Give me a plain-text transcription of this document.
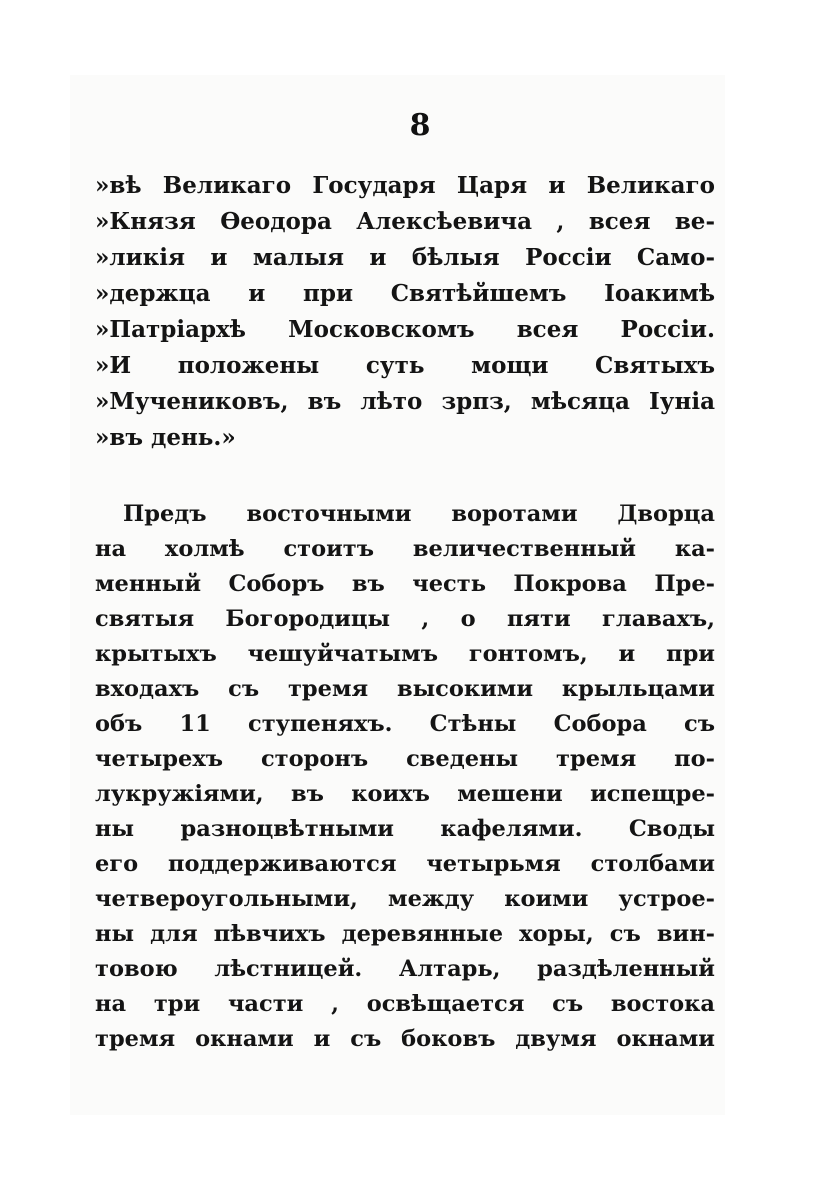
8
»вѣ Великаго Государя Царя и Великаго
»Князя Ѳеодора Алексѣевича , всея ве-
»ликія и малыя и бѣлыя Россіи Само-
»держца и при Святѣйшемъ Іоакимѣ
»Патріархѣ Московскомъ всея Россіи.
»И положены суть мощи Святыхъ
»Мучениковъ, въ лѣто зрпз, мѣсяца Іуніа
»въ день.»
Предъ восточными воротами Дворца
на холмѣ стоитъ величественный ка-
менный Соборъ въ честь Покрова Пре-
святыя Богородицы , о пяти главахъ,
крытыхъ чешуйчатымъ гонтомъ, и при
входахъ съ тремя высокими крыльцами
объ 11 ступеняхъ. Стѣны Собора съ
четырехъ сторонъ сведены тремя по-
лукружіями, въ коихъ мешени испещре-
ны разноцвѣтными кафелями. Своды
его поддерживаются четырьмя столбами
четвероугольными, между коими устрое-
ны для пѣвчихъ деревянные хоры, съ вин-
товою лѣстницей. Алтарь, раздѣленный
на три части , освѣщается съ востока
тремя окнами и съ боковъ двумя окнами
